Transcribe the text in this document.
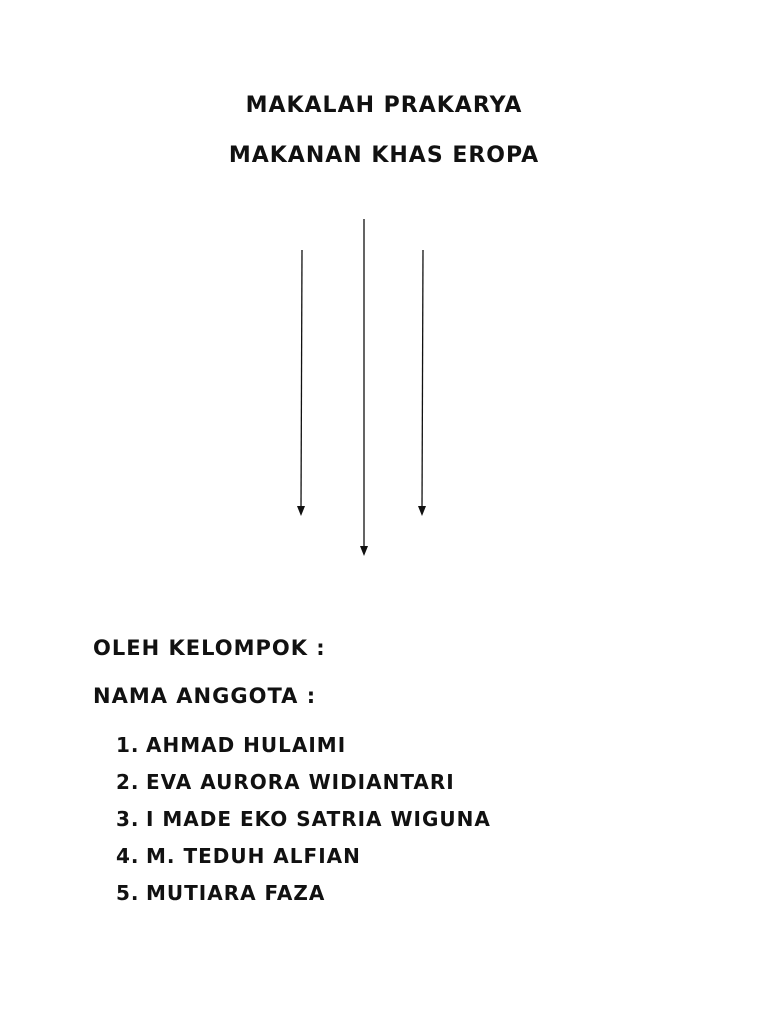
MAKALAH PRAKARYA
MAKANAN KHAS EROPA

OLEH KELOMPOK :

NAMA ANGGOTA :

1. AHMAD HULAIMI
2. EVA AURORA WIDIANTARI
3. I MADE EKO SATRIA WIGUNA
4. M. TEDUH ALFIAN
5. MUTIARA FAZA
